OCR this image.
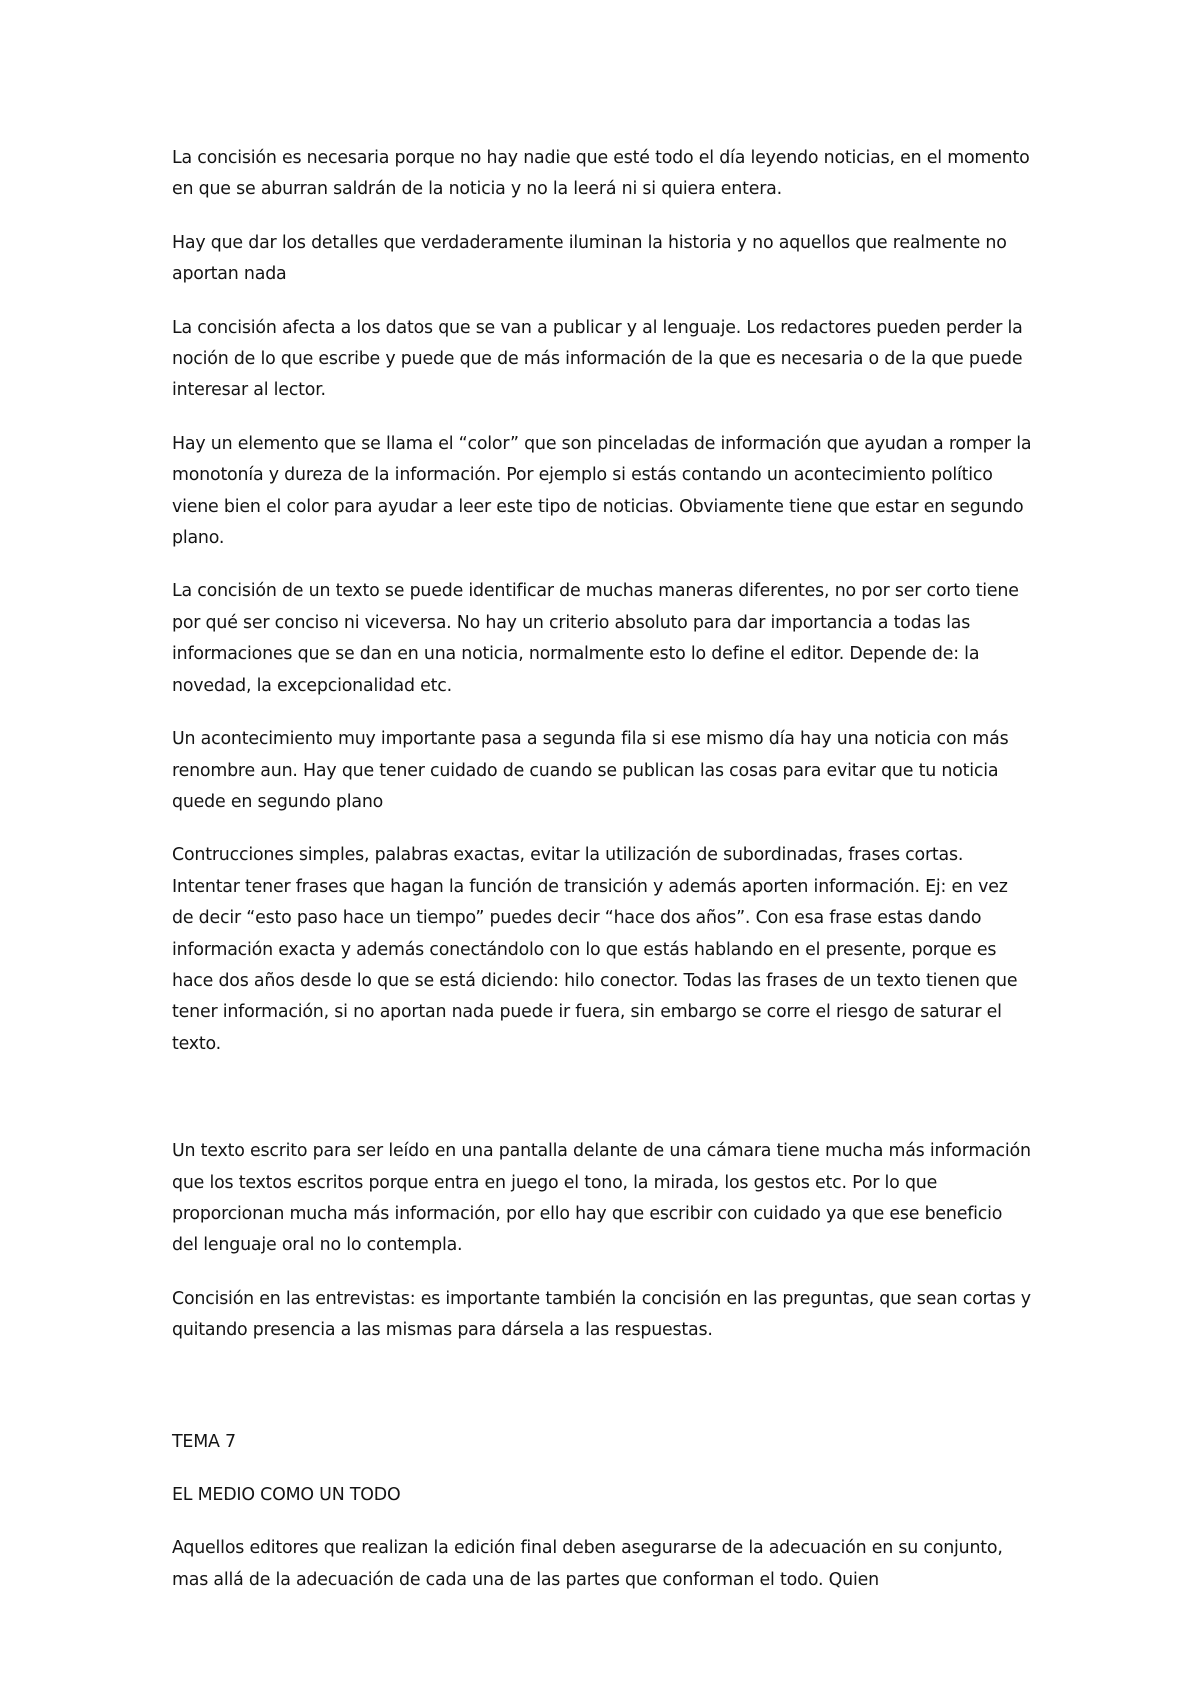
La concisión es necesaria porque no hay nadie que esté todo el día leyendo noticias, en el momento en que se aburran saldrán de la noticia y no la leerá ni si quiera entera.

Hay que dar los detalles que verdaderamente iluminan la historia y no aquellos que realmente no aportan nada

La concisión afecta a los datos que se van a publicar y al lenguaje. Los redactores pueden perder la noción de lo que escribe y puede que de más información de la que es necesaria o de la que puede interesar al lector.

Hay un elemento que se llama el “color” que son pinceladas de información que ayudan a romper la monotonía y dureza de la información. Por ejemplo si estás contando un acontecimiento político viene bien el color para ayudar a leer este tipo de noticias. Obviamente tiene que estar en segundo plano.

La concisión de un texto se puede identificar de muchas maneras diferentes, no por ser corto tiene por qué ser conciso ni viceversa. No hay un criterio absoluto para dar importancia a todas las informaciones que se dan en una noticia, normalmente esto lo define el editor. Depende de: la novedad, la excepcionalidad etc.

Un acontecimiento muy importante pasa a segunda fila si ese mismo día hay una noticia con más renombre aun. Hay que tener cuidado de cuando se publican las cosas para evitar que tu noticia quede en segundo plano

Contrucciones simples, palabras exactas, evitar la utilización de subordinadas, frases cortas. Intentar tener frases que hagan la función de transición y además aporten información. Ej: en vez de decir “esto paso hace un tiempo” puedes decir “hace dos años”. Con esa frase estas dando información exacta y además conectándolo con lo que estás hablando en el presente, porque es hace dos años desde lo que se está diciendo: hilo conector. Todas las frases de un texto tienen que tener información, si no aportan nada puede ir fuera, sin embargo se corre el riesgo de saturar el texto.

Un texto escrito para ser leído en una pantalla delante de una cámara tiene mucha más información que los textos escritos porque entra en juego el tono, la mirada, los gestos etc. Por lo que proporcionan mucha más información, por ello hay que escribir con cuidado ya que ese beneficio del lenguaje oral no lo contempla.

Concisión en las entrevistas: es importante también la concisión en las preguntas, que sean cortas y quitando presencia a las mismas para dársela a las respuestas.

TEMA 7

EL MEDIO COMO UN TODO

Aquellos editores que realizan la edición final deben asegurarse de la adecuación en su conjunto, mas allá de la adecuación de cada una de las partes que conforman el todo. Quien
